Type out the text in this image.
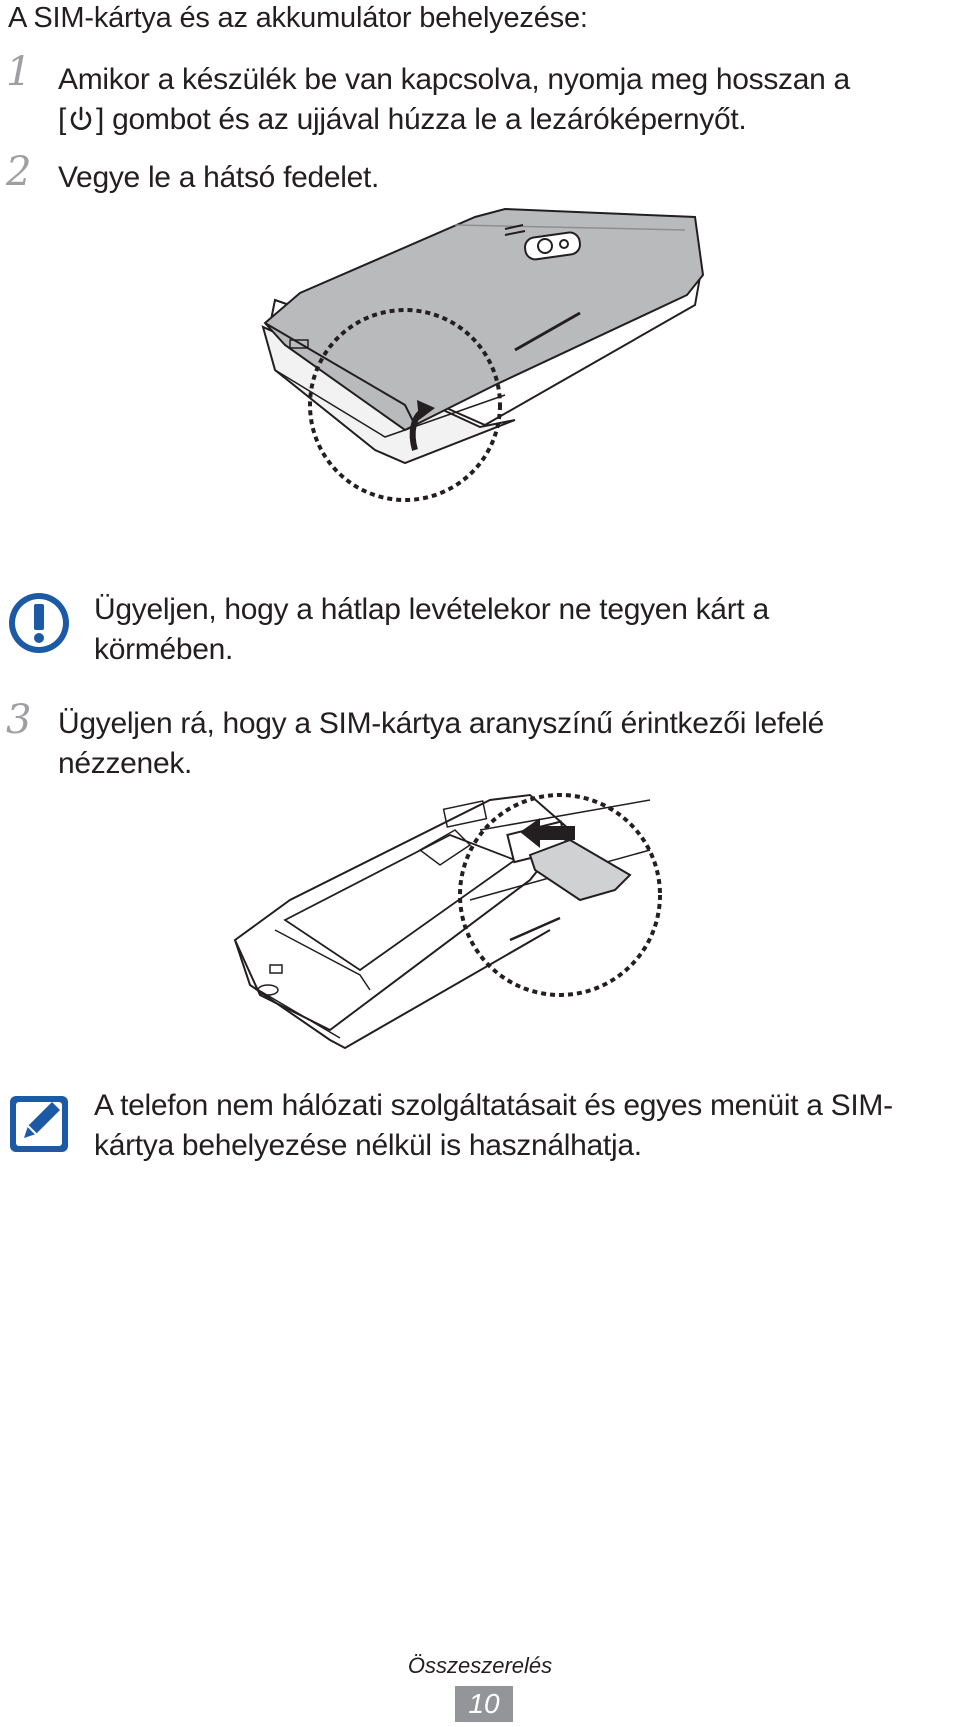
A SIM-kártya és az akkumulátor behelyezése:
1 Amikor a készülék be van kapcsolva, nyomja meg hosszan a
[ ] gombot és az ujjával húzza le a lezáróképernyőt.
2 Vegye le a hátsó fedelet.
Ügyeljen, hogy a hátlap levételekor ne tegyen kárt a
körmében.
3 Ügyeljen rá, hogy a SIM-kártya aranyszínű érintkezői lefelé
nézzenek.
A telefon nem hálózati szolgáltatásait és egyes menüit a SIM-
kártya behelyezése nélkül is használhatja.
Összeszerelés
10
